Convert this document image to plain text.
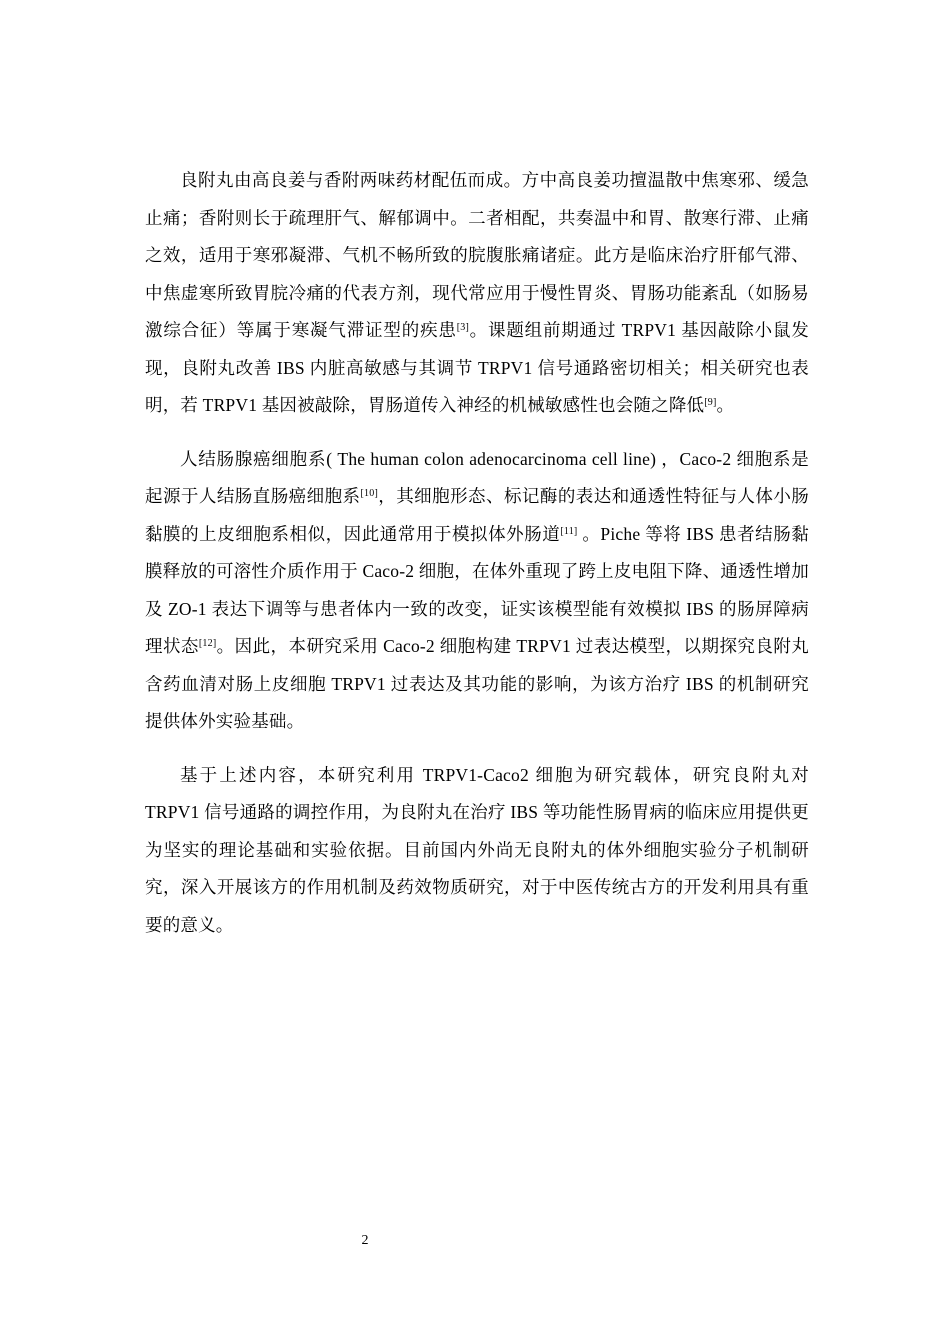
良附丸由高良姜与香附两味药材配伍而成。方中高良姜功擅温散中焦寒邪、缓急止痛；香附则长于疏理肝气、解郁调中。二者相配，共奏温中和胃、散寒行滞、止痛之效，适用于寒邪凝滞、气机不畅所致的脘腹胀痛诸症。此方是临床治疗肝郁气滞、中焦虚寒所致胃脘冷痛的代表方剂，现代常应用于慢性胃炎、胃肠功能紊乱（如肠易激综合征）等属于寒凝气滞证型的疾患[3]。课题组前期通过 TRPV1 基因敲除小鼠发现，良附丸改善 IBS 内脏高敏感与其调节 TRPV1 信号通路密切相关；相关研究也表明，若 TRPV1 基因被敲除，胃肠道传入神经的机械敏感性也会随之降低[9]。

人结肠腺癌细胞系( The human colon adenocarcinoma cell line) ，Caco-2 细胞系是起源于人结肠直肠癌细胞系[10]，其细胞形态、标记酶的表达和通透性特征与人体小肠黏膜的上皮细胞系相似，因此通常用于模拟体外肠道[11] 。Piche 等将 IBS 患者结肠黏膜释放的可溶性介质作用于 Caco-2 细胞，在体外重现了跨上皮电阻下降、通透性增加及 ZO-1 表达下调等与患者体内一致的改变，证实该模型能有效模拟 IBS 的肠屏障病理状态[12]。因此，本研究采用 Caco-2 细胞构建 TRPV1 过表达模型，以期探究良附丸含药血清对肠上皮细胞 TRPV1 过表达及其功能的影响，为该方治疗 IBS 的机制研究提供体外实验基础。

基于上述内容，本研究利用 TRPV1-Caco2 细胞为研究载体，研究良附丸对 TRPV1 信号通路的调控作用，为良附丸在治疗 IBS 等功能性肠胃病的临床应用提供更为坚实的理论基础和实验依据。目前国内外尚无良附丸的体外细胞实验分子机制研究，深入开展该方的作用机制及药效物质研究，对于中医传统古方的开发利用具有重要的意义。

2
